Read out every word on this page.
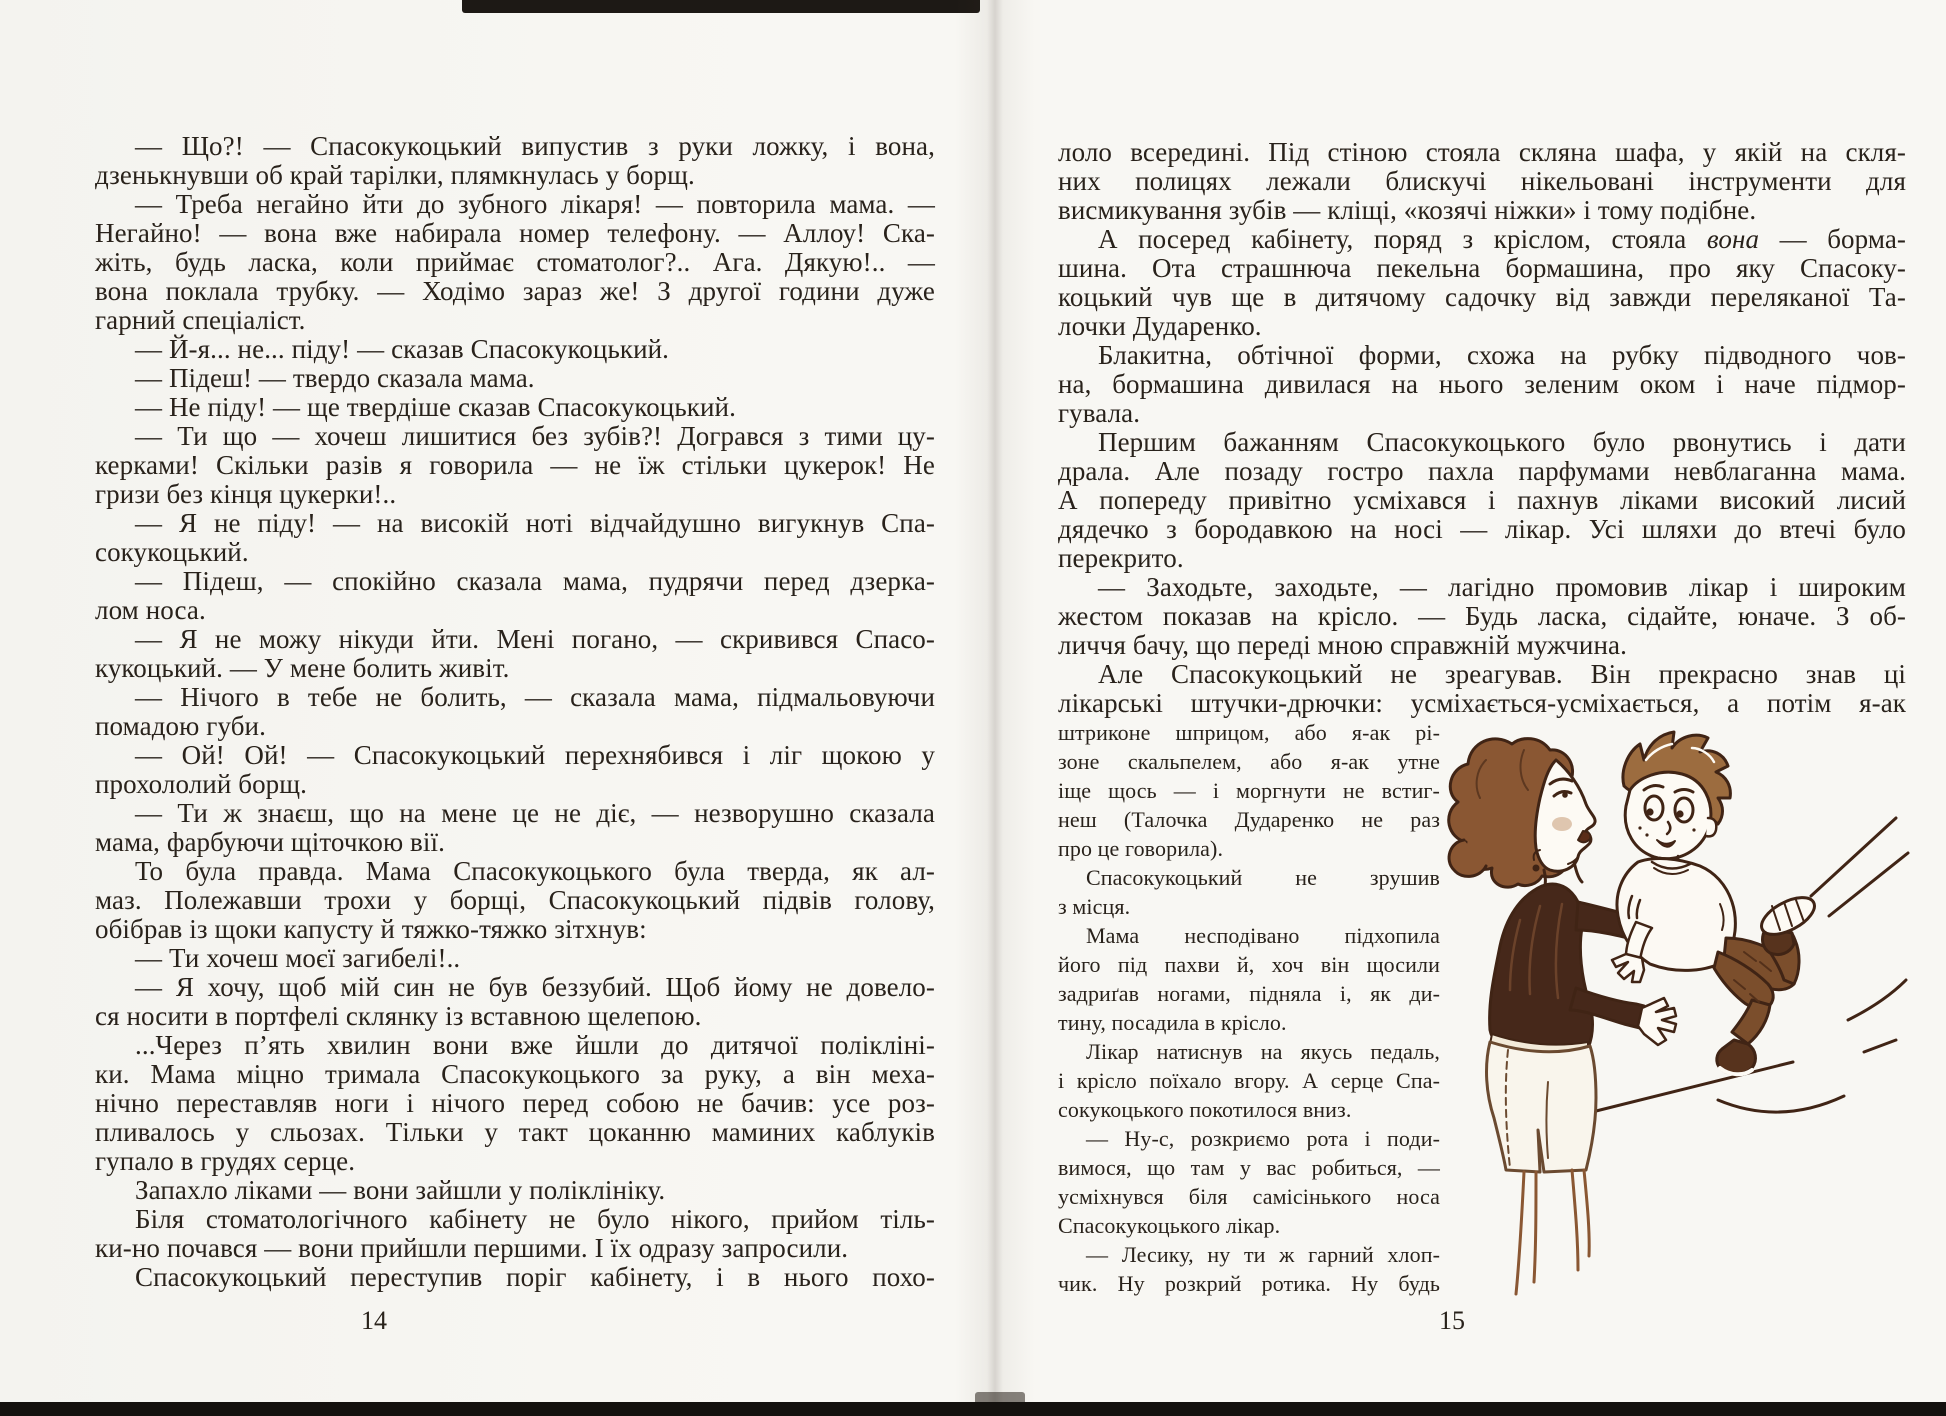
— Що?! — Спасокукоцький випустив з руки ложку, і вона,
дзенькнувши об край тарілки, плямкнулась у борщ.
— Треба негайно йти до зубного лікаря! — повторила мама. —
Негайно! — вона вже набирала номер телефону. — Аллоу! Ска-
жіть, будь ласка, коли приймає стоматолог?.. Ага. Дякую!.. —
вона поклала трубку. — Ходімо зараз же! З другої години дуже
гарний спеціаліст.
— Й-я... не... піду! — сказав Спасокукоцький.
— Підеш! — твердо сказала мама.
— Не піду! — ще твердіше сказав Спасокукоцький.
— Ти що — хочеш лишитися без зубів?! Догрався з тими цу-
керками! Скільки разів я говорила — не їж стільки цукерок! Не
гризи без кінця цукерки!..
— Я не піду! — на високій ноті відчайдушно вигукнув Спа-
сокукоцький.
— Підеш, — спокійно сказала мама, пудрячи перед дзерка-
лом носа.
— Я не можу нікуди йти. Мені погано, — скривився Спасо-
кукоцький. — У мене болить живіт.
— Нічого в тебе не болить, — сказала мама, підмальовуючи
помадою губи.
— Ой! Ой! — Спасокукоцький перехнябився і ліг щокою у
прохололий борщ.
— Ти ж знаєш, що на мене це не діє, — незворушно сказала
мама, фарбуючи щіточкою вії.
То була правда. Мама Спасокукоцького була тверда, як ал-
маз. Полежавши трохи у борщі, Спасокукоцький підвів голову,
обібрав із щоки капусту й тяжко-тяжко зітхнув:
— Ти хочеш моєї загибелі!..
— Я хочу, щоб мій син не був беззубий. Щоб йому не довело-
ся носити в портфелі склянку із вставною щелепою.
...Через п’ять хвилин вони вже йшли до дитячої полікліні-
ки. Мама міцно тримала Спасокукоцького за руку, а він меха-
нічно переставляв ноги і нічого перед собою не бачив: усе роз-
пливалось у сльозах. Тільки у такт цоканню маминих каблуків
гупало в грудях серце.
Запахло ліками — вони зайшли у поліклініку.
Біля стоматологічного кабінету не було нікого, прийом тіль-
ки-но почався — вони прийшли першими. І їх одразу запросили.
Спасокукоцький переступив поріг кабінету, і в нього похо-
14
лоло всередині. Під стіною стояла скляна шафа, у якій на скля-
них полицях лежали блискучі нікельовані інструменти для
висмикування зубів — кліщі, «козячі ніжки» і тому подібне.
А посеред кабінету, поряд з кріслом, стояла вона — борма-
шина. Ота страшнюча пекельна бормашина, про яку Спасоку-
коцький чув ще в дитячому садочку від завжди переляканої Та-
лочки Дударенко.
Блакитна, обтічної форми, схожа на рубку підводного чов-
на, бормашина дивилася на нього зеленим оком і наче підмор-
гувала.
Першим бажанням Спасокукоцького було рвонутись і дати
драла. Але позаду гостро пахла парфумами невблаганна мама.
А попереду привітно усміхався і пахнув ліками високий лисий
дядечко з бородавкою на носі — лікар. Усі шляхи до втечі було
перекрито.
— Заходьте, заходьте, — лагідно промовив лікар і широким
жестом показав на крісло. — Будь ласка, сідайте, юначе. З об-
личчя бачу, що переді мною справжній мужчина.
Але Спасокукоцький не зреагував. Він прекрасно знав ці
лікарські штучки-дрючки: усміхається-усміхається, а потім я-ак
штриконе шприцом, або я-ак рі-
зоне скальпелем, або я-ак утне
іще щось — і моргнути не встиг-
неш (Талочка Дударенко не раз
про це говорила).
Спасокукоцький не зрушив
з місця.
Мама несподівано підхопила
його під пахви й, хоч він щосили
задриґав ногами, підняла і, як ди-
тину, посадила в крісло.
Лікар натиснув на якусь педаль,
і крісло поїхало вгору. А серце Спа-
сокукоцького покотилося вниз.
— Ну-с, розкриємо рота і поди-
вимося, що там у вас робиться, —
усміхнувся біля самісінького носа
Спасокукоцького лікар.
— Лесику, ну ти ж гарний хлоп-
чик. Ну розкрий ротика. Ну будь
15
